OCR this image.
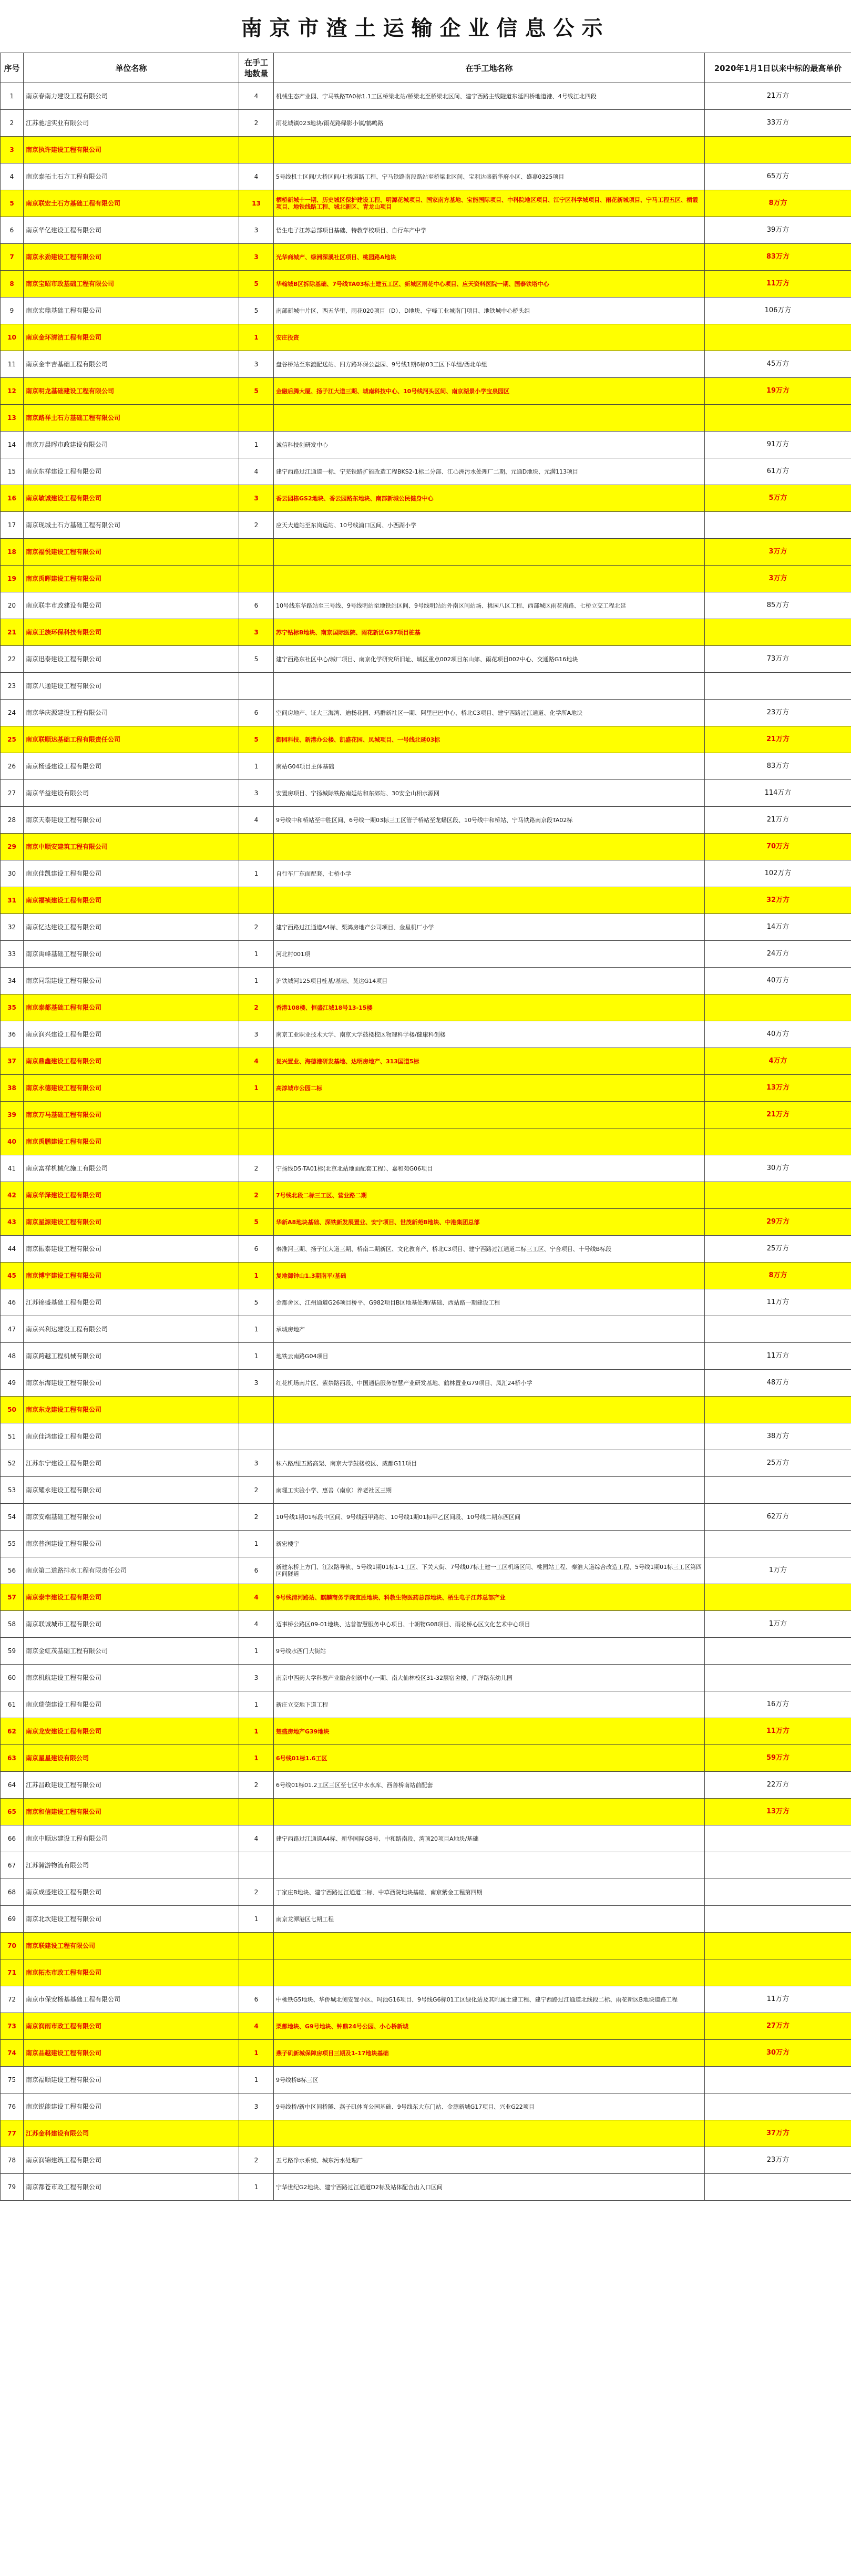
南京市渣土运输企业信息公示
序号	单位名称	在手工地数量	在手工地名称	2020年1月1日以来中标的最高单价
1	南京春南力建设工程有限公司	4	机械生态产业园、宁马铁路TA0标1.1工区桥梁北站/桥梁北至桥梁北区间、建宁西路主线隧道东延四桥地道港、4号线江北四段	21万方
2	江苏驰旭实业有限公司	2	雨花城镇023地块/雨花路绿影小镇/鹤鸣路	33万方
3	南京执许建设工程有限公司			
4	南京泰拓土石方工程有限公司	4	5号线机士区间/大桥区间/七桥道路工程、宁马铁路南段路站至桥梁北区间、宝利达盛新华府小区、盛嘉0325项目	65万方
5	南京联宏土石方基础工程有限公司	13	栖桥新城十一期、历史城区保护建设工程、明源花城项目、国家南方基地、宝能国际项目、中科院地区项目、江宁区科学城项目、雨花新城项目、宁马工程五区、栖霞项目、地铁线路工程、城北新区、青龙山项目	8万方
6	南京华亿建设工程有限公司	3	悟生电子江苏总部项目基础、特教学校项目、自行车产中学	39万方
7	南京永劲建设工程有限公司	3	光华商城产、绿洲深溪社区项目、桃园路A地块	83万方
8	南京宝昭市政基础工程有限公司	5	华翰城B区拆除基础、7号线TA03标土建五工区、新城区雨花中心项目、应天资料医院一期、国泰铁塔中心	11万方
9	南京宏鼎基础工程有限公司	5	南部新城中片区、西五华里、雨花020项目（D）、D地块、宁峰工业城南门项目、地铁城中心桥头组	106万方
10	南京金环清洁工程有限公司	1	安庄投资	
11	南京金丰吉基础工程有限公司	3	盘谷桥站至东渡配送站、四方路环保公益园、9号线1期6标03工区下单组/西北单组	45万方
12	南京明龙基础建设工程有限公司	5	金融后腾大厦、扬子江大道三期、城南科技中心、10号线河头区间、南京湖景小学宝泉园区	19万方
13	南京路祥土石方基础工程有限公司			
14	南京万晨晖市政建设有限公司	1	诚信科技创研发中心	91万方
15	南京东祥建设工程有限公司	4	建宁西路过江通道一标、宁芜铁路扩能改造工程BKS2-1标二分部、江心洲污水处理厂二期、元通D地块、元满113项目	61万方
16	南京敏诚建设工程有限公司	3	香云园栋GS2地块、香云园路东地块、南部新城公民健身中心	5万方
17	南京现城土石方基础工程有限公司	2	应天大道站至东岗运站、10号线浦口区间、小西湖小学	
18	南京福悦建设工程有限公司			3万方
19	南京禹晖建设工程有限公司			3万方
20	南京联丰市政建设有限公司	6	10号线东华路站至三号线、9号线明站至地铁站区间、9号线明站站外南区间站场、桃园八区工程、西部城区雨花南路、七桥立交工程北延	85万方
21	南京王族环保科技有限公司	3	苏宁钻标B地块、南京国际医院、雨花新区G37项目桩基	
22	南京迅泰建设工程有限公司	5	建宁西路东社区中心/城厂项目、南京化学研究所旧址、城区重点002项目东山郊、雨花项目002中心、交通路G16地块	73万方
23	南京八通建设工程有限公司			
24	南京华庆源建设工程有限公司	6	空间房地产、证大三海湾、迪杨花园、玛群新社区一期、阿里巴巴中心、桥北C3项目、建宁西路过江通道、化学所A地块	23万方
25	南京联顺达基础工程有限责任公司	5	御园科技、新港办公楼、凯盛花园、凤城项目、一号线北延03标	21万方
26	南京杨盛建设工程有限公司	1	南站G04项目主体基础	83万方
27	南京华益建设有限公司	3	安置房项目、宁扬城际铁路南延站和东郊站、30安全山相水源网	114万方
28	南京天泰建设工程有限公司	4	9号线中和桥站至中胜区间、6号线一期03标三工区管子桥站至龙蟠区段、10号线中和桥站、宁马铁路南京段TA02标	21万方
29	南京中顺安建筑工程有限公司			70万方
30	南京佳凯建设工程有限公司	1	自行车厂东面配套、七桥小学	102万方
31	南京福祯建设工程有限公司			32万方
32	南京忆达建设工程有限公司	2	建宁西路过江通道A4标、栗鸿房地产公司项目、金星机厂小学	14万方
33	南京禹峰基础工程有限公司	1	河北村001项	24万方
34	南京同瑞建设工程有限公司	1	沪铁城河125项目桩基/基础、莫达G14项目	40万方
35	南京泰都基础工程有限公司	2	香港108楼、恒盛江城18号13-15楼	
36	南京润兴建设工程有限公司	3	南京工业职业技术大学、南京大学鼓楼校区物理科学楼/健康科创楼	40万方
37	南京鼎鑫建设工程有限公司	4	复兴置业、海德港研发基地、达明房地产、313国道5标	4万方
38	南京永德建设工程有限公司	1	高淳城市公园二标	13万方
39	南京万马基础工程有限公司			21万方
40	南京禹鹏建设工程有限公司			
41	南京富祥机械化施工有限公司	2	宁扬线D5-TA01标(北京北站地面配套工程）、嘉和苑G06项目	30万方
42	南京华泽建设工程有限公司	2	7号线北段二标三工区、营业路二期	
43	南京星源建设工程有限公司	5	华新A8地块基础、深铁新发展置业、安宁项目、世茂新苑B地块、中港集团总部	29万方
44	南京振泰建设工程有限公司	6	秦淮河三期、扬子江大道三期、桥南二期新区、文化教育产、桥北C3项目、建宁西路过江通道二标三工区、宁合项目、十号线B标段	25万方
45	南京博宇建设工程有限公司	1	复地御钟山1.3期南平/基础	8万方
46	江苏锦盛基础工程有限公司	5	金都舍区、江州通道G26项目桥平、G982项目B区地基处理/基础、西站路一期建设工程	11万方
47	南京兴利达建设工程有限公司	1	承城房地产	
48	南京跨越工程机械有限公司	1	地铁云南路G04项目	11万方
49	南京东海建设工程有限公司	3	红花机场南片区、紫禁路西段、中国通信服务智慧产业研发基地、鹤林置业G79项目、凤汇24桥小学	48万方
50	南京东龙建设工程有限公司			
51	南京佳鸿建设工程有限公司			38万方
52	江苏东宁建设工程有限公司	3	秣六路/纽五路高架、南京大学鼓楼校区、威都G11项目	25万方
53	南京耀永建设工程有限公司	2	南理工实验小学、惠善（南京）养老社区三期	
54	南京安端基础工程有限公司	2	10号线1期01标段中区间、9号线西甲路站、10号线1期01标甲乙区间段、10号线二期东西区间	62万方
55	南京普润建设工程有限公司	1	新宏楼宇	
56	南京第二道路排水工程有限责任公司	6	新建东桥上方门、江汉路导轨、5号线1期01标1-1工区、下关大街、7号线07标土建一工区机场区间、桃园站工程、秦淮大道综合改造工程、5号线1期01标三工区第四区间隧道	1万方
57	南京泰丰建设工程有限公司	4	9号线清河路站、麒麟商务学院宜胜地块、科教生物医药总部地块、栖生电子江苏总部产业	
58	南京联诚城市工程有限公司	4	迈事桥公路区09-01地块、达普智慧服务中心项目、十朝物G08项目、雨花桥心区文化艺术中心项目	1万方
59	南京金虹茂基础工程有限公司	1	9号线水西门大街站	
60	南京机航建设工程有限公司	3	南京中西药大学科教产业融合创新中心一期、南大仙林校区31-32层宿舍楼、广洋路东幼儿园	
61	南京瑞德建设工程有限公司	1	新庄立交地下道工程	16万方
62	南京龙安建设工程有限公司	1	楚盛房地产G39地块	11万方
63	南京星星建设有限公司	1	6号线01标1.6工区	59万方
64	江苏昌政建设工程有限公司	2	6号线01标01.2工区三区至七区中水水库、西善桥南站前配套	22万方
65	南京和信建设工程有限公司			13万方
66	南京中顺达建设工程有限公司	4	建宁西路过江通道A4标、新华国际G8号、中和路南段、湾顶20项目A地块/基础	
67	江苏瀚游物流有限公司			
68	南京成盛建设工程有限公司	2	丁家庄B地块、建宁西路过江通道二标、中草西院地块基础、南京紫金工程第四期	
69	南京北坎建设工程有限公司	1	南京龙潭港区七期工程	
70	南京联建设工程有限公司			
71	南京拓杰市政工程有限公司			
72	南京市保安杨基基础工程有限公司	6	中桃铁G5地块、华侨城北侧安置小区、玛池G16项目、9号线G6标01工区绿化站及其附属土建工程、建宁西路过江通道北线段二标、雨花新区B地块道路工程	11万方
73	南京润雨市政工程有限公司	4	栗都地块、G9号地块、钟鼎24号公园、小心桥新城	27万方
74	南京品越建设工程有限公司	1	燕子矶新城保障房项目三期及1-17地块基础	30万方
75	南京福顺建设工程有限公司	1	9号线桥B标三区	
76	南京锐能建设工程有限公司	3	9号线桥/新中区间桥隧、燕子矶体育公园基础、9号线东大东门站、金源新城G17项目、兴业G22项目	
77	江苏金科建设有限公司			37万方
78	南京润锦建筑工程有限公司	2	五号路净水系统、城东污水处理厂	23万方
79	南京都苍市政工程有限公司	1	宁华世纪G2地块、建宁西路过江通道D2标及站体配合出入口区间	
